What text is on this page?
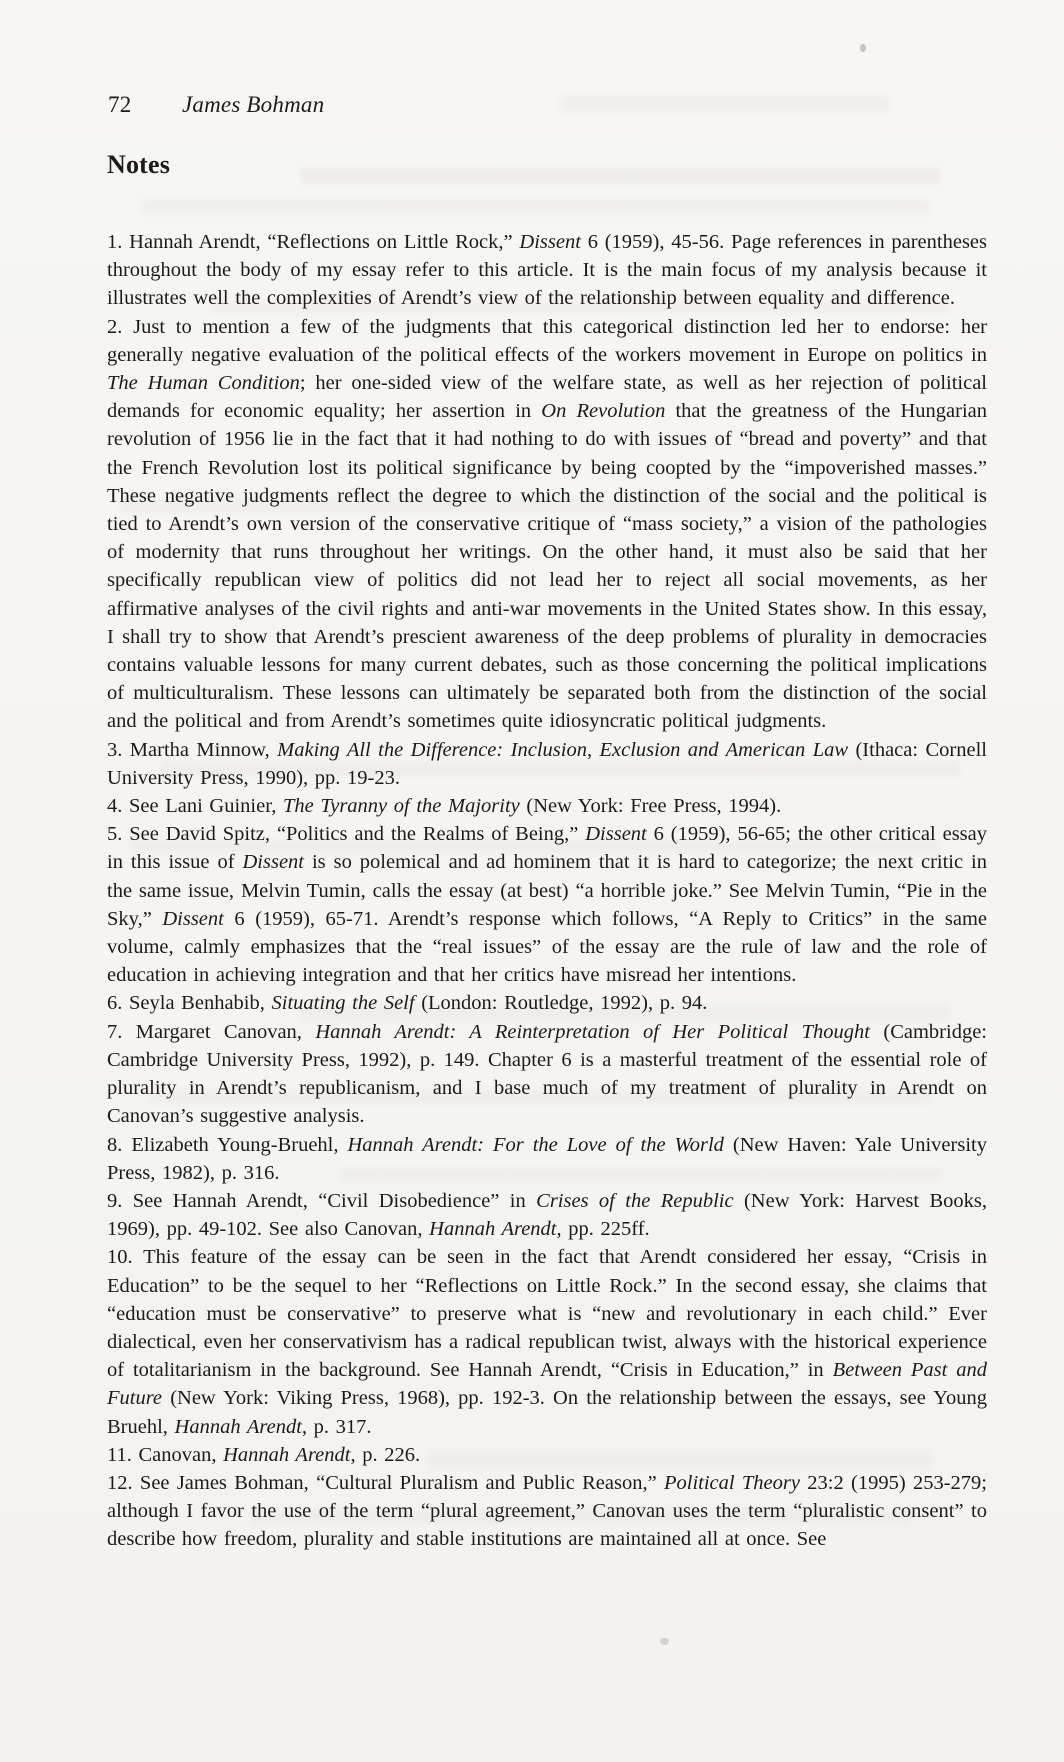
72	James Bohman
Notes

1. Hannah Arendt, “Reflections on Little Rock,” Dissent 6 (1959), 45-56. Page references in parentheses throughout the body of my essay refer to this article. It is the main focus of my analysis because it illustrates well the complexities of Arendt’s view of the relationship between equality and difference.

2. Just to mention a few of the judgments that this categorical distinction led her to endorse: her generally negative evaluation of the political effects of the workers movement in Europe on politics in The Human Condition; her one-sided view of the welfare state, as well as her rejection of political demands for economic equality; her assertion in On Revolution that the greatness of the Hungarian revolution of 1956 lie in the fact that it had nothing to do with issues of “bread and poverty” and that the French Revolution lost its political significance by being coopted by the “impoverished masses.” These negative judgments reflect the degree to which the distinction of the social and the political is tied to Arendt’s own version of the conservative critique of “mass society,” a vision of the pathologies of modernity that runs throughout her writings. On the other hand, it must also be said that her specifically republican view of politics did not lead her to reject all social movements, as her affirmative analyses of the civil rights and anti-war movements in the United States show. In this essay, I shall try to show that Arendt’s prescient awareness of the deep problems of plurality in democracies contains valuable lessons for many current debates, such as those concerning the political implications of multiculturalism. These lessons can ultimately be separated both from the distinction of the social and the political and from Arendt’s sometimes quite idiosyncratic political judgments.

3. Martha Minnow, Making All the Difference: Inclusion, Exclusion and American Law (Ithaca: Cornell University Press, 1990), pp. 19-23.

4. See Lani Guinier, The Tyranny of the Majority (New York: Free Press, 1994).

5. See David Spitz, “Politics and the Realms of Being,” Dissent 6 (1959), 56-65; the other critical essay in this issue of Dissent is so polemical and ad hominem that it is hard to categorize; the next critic in the same issue, Melvin Tumin, calls the essay (at best) “a horrible joke.” See Melvin Tumin, “Pie in the Sky,” Dissent 6 (1959), 65-71. Arendt’s response which follows, “A Reply to Critics” in the same volume, calmly emphasizes that the “real issues” of the essay are the rule of law and the role of education in achieving integration and that her critics have misread her intentions.

6. Seyla Benhabib, Situating the Self (London: Routledge, 1992), p. 94.

7. Margaret Canovan, Hannah Arendt: A Reinterpretation of Her Political Thought (Cambridge: Cambridge University Press, 1992), p. 149. Chapter 6 is a masterful treatment of the essential role of plurality in Arendt’s republicanism, and I base much of my treatment of plurality in Arendt on Canovan’s suggestive analysis.

8. Elizabeth Young-Bruehl, Hannah Arendt: For the Love of the World (New Haven: Yale University Press, 1982), p. 316.

9. See Hannah Arendt, “Civil Disobedience” in Crises of the Republic (New York: Harvest Books, 1969), pp. 49-102. See also Canovan, Hannah Arendt, pp. 225ff.

10. This feature of the essay can be seen in the fact that Arendt considered her essay, “Crisis in Education” to be the sequel to her “Reflections on Little Rock.” In the second essay, she claims that “education must be conservative” to preserve what is “new and revolutionary in each child.” Ever dialectical, even her conservativism has a radical republican twist, always with the historical experience of totalitarianism in the background. See Hannah Arendt, “Crisis in Education,” in Between Past and Future (New York: Viking Press, 1968), pp. 192-3. On the relationship between the essays, see Young Bruehl, Hannah Arendt, p. 317.

11. Canovan, Hannah Arendt, p. 226.

12. See James Bohman, “Cultural Pluralism and Public Reason,” Political Theory 23:2 (1995) 253-279; although I favor the use of the term “plural agreement,” Canovan uses the term “pluralistic consent” to describe how freedom, plurality and stable institutions are maintained all at once. See
